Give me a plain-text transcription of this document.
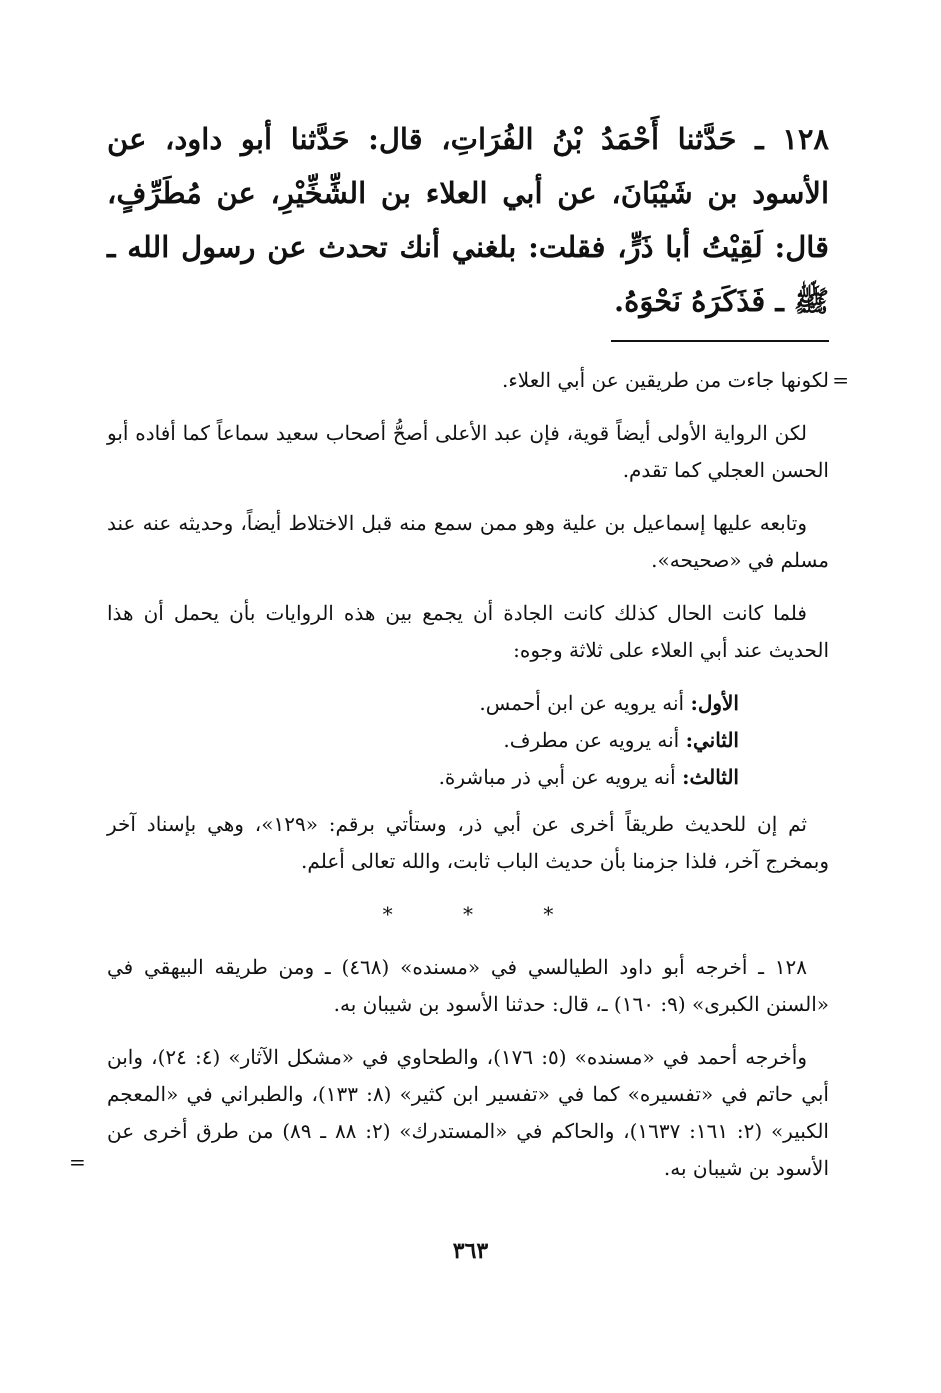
١٢٨ ـ حَدَّثنا أَحْمَدُ بْنُ الفُرَاتِ، قال: حَدَّثنا أبو داود، عن الأسود بن شَيْبَانَ، عن أبي العلاء بن الشِّخِّيْرِ، عن مُطَرِّفٍ، قال: لَقِيْتُ أبا ذَرٍّ، فقلت: بلغني أنك تحدث عن رسول الله ـ ﷺ ـ فَذَكَرَهُ نَحْوَهُ.

=
لكونها جاءت من طريقين عن أبي العلاء.

لكن الرواية الأولى أيضاً قوية، فإن عبد الأعلى أصحُّ أصحاب سعيد سماعاً كما أفاده أبو الحسن العجلي كما تقدم.

وتابعه عليها إسماعيل بن علية وهو ممن سمع منه قبل الاختلاط أيضاً، وحديثه عنه عند مسلم في «صحيحه».

فلما كانت الحال كذلك كانت الجادة أن يجمع بين هذه الروايات بأن يحمل أن هذا الحديث عند أبي العلاء على ثلاثة وجوه:

الأول: أنه يرويه عن ابن أحمس.
الثاني: أنه يرويه عن مطرف.
الثالث: أنه يرويه عن أبي ذر مباشرة.

ثم إن للحديث طريقاً أخرى عن أبي ذر، وستأتي برقم: «١٢٩»، وهي بإسناد آخر وبمخرج آخر، فلذا جزمنا بأن حديث الباب ثابت، والله تعالى أعلم.

* * *

١٢٨ ـ أخرجه أبو داود الطيالسي في «مسنده» (٤٦٨) ـ ومن طريقه البيهقي في «السنن الكبرى» (٩: ١٦٠) ـ، قال: حدثنا الأسود بن شيبان به.

وأخرجه أحمد في «مسنده» (٥: ١٧٦)، والطحاوي في «مشكل الآثار» (٤: ٢٤)، وابن أبي حاتم في «تفسيره» كما في «تفسير ابن كثير» (٨: ١٣٣)، والطبراني في «المعجم الكبير» (٢: ١٦١: ١٦٣٧)، والحاكم في «المستدرك» (٢: ٨٨ ـ ٨٩) من طرق أخرى عن الأسود بن شيبان به.
=

٣٦٣
